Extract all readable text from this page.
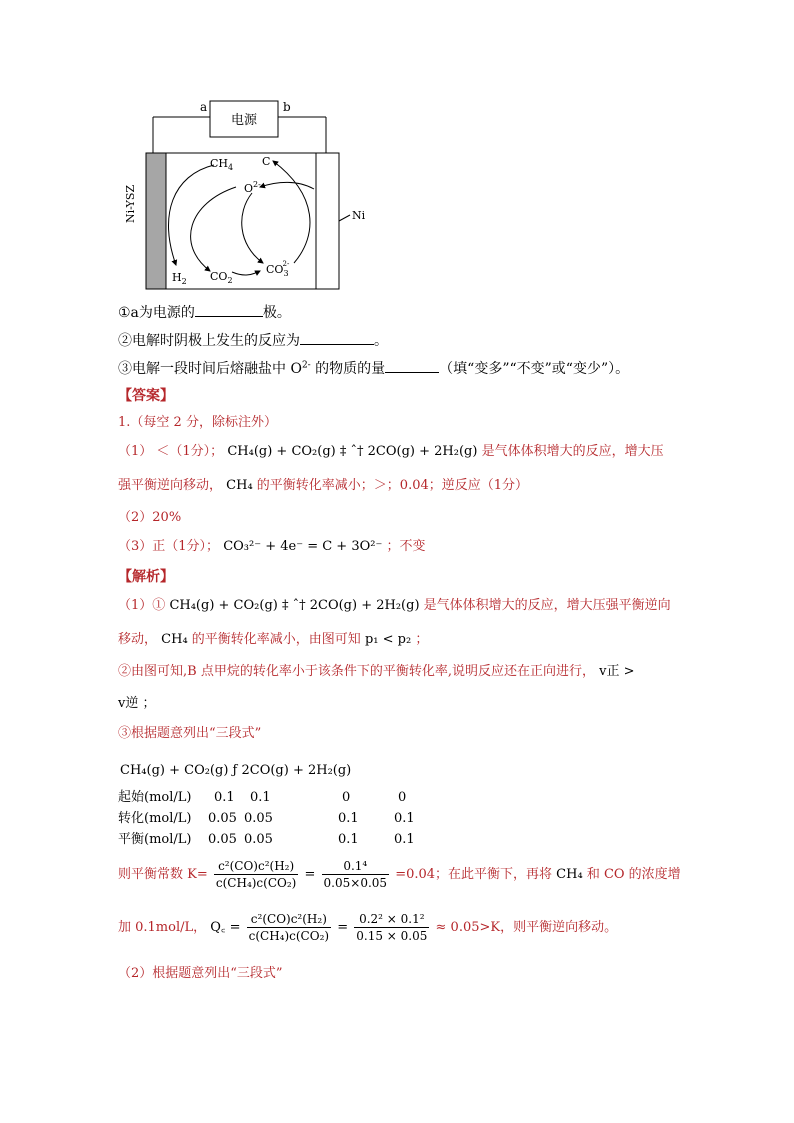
电源
a	b
Ni-YSZ	Ni
$CH_4$	C
$O^{2-}$
$H_2$ $CO_2$
$CO_32-$
①a为电源的	极。
②电解时阴极上发生的反应为	。
③电解一段时间后熔融盐中 $O^{2-}$ 的物质的量	（填“变多”“不变”或“变少”）。
【答案】
1.（每空 2 分，除标注外）
（1） ＜（1分）； CH₄(g) + CO₂(g) ‡ ˆ† 2CO(g) + 2H₂(g) 是气体体积增大的反应，增大压
强平衡逆向移动， CH₄ 的平衡转化率减小；＞；0.04；逆反应（1分）
（2）20%
（3）正（1分）； CO₃²⁻ + 4e⁻ = C + 3O²⁻ ；不变
【解析】
（1）① CH₄(g) + CO₂(g) ‡ ˆ† 2CO(g) + 2H₂(g) 是气体体积增大的反应，增大压强平衡逆向
移动， CH₄ 的平衡转化率减小，由图可知 p₁ < p₂ ；
②由图可知,B 点甲烷的转化率小于该条件下的平衡转化率,说明反应还在正向进行， v正 >
v逆 ；
③根据题意列出“三段式”
CH₄(g) + CO₂(g) ƒ 2CO(g) + 2H₂(g)
起始(mol/L) 0.1 0.1	0	0
转化(mol/L) 0.05 0.05	0.1	0.1
平衡(mol/L) 0.05 0.05	0.1	0.1
则平衡常数 $K= \frac{\text{c²(CO)c²(H₂)}}{\text{c(CH₄)c(CO₂)}} = \frac{\text{0.1⁴}}{0.05\times 0.05} =0.04$；在此平衡下，再将 CH₄ 和 CO 的浓度增
加 0.1mol/L， Q꜀ = $\frac{\text{c²(CO)c²(H₂)}}{\text{c(CH₄)c(CO₂)}} = \frac{\text{0.2² × 0.1²}}{0.15 \times 0.05} \approx 0.05>K$，则平衡逆向移动。
（2）根据题意列出“三段式”
